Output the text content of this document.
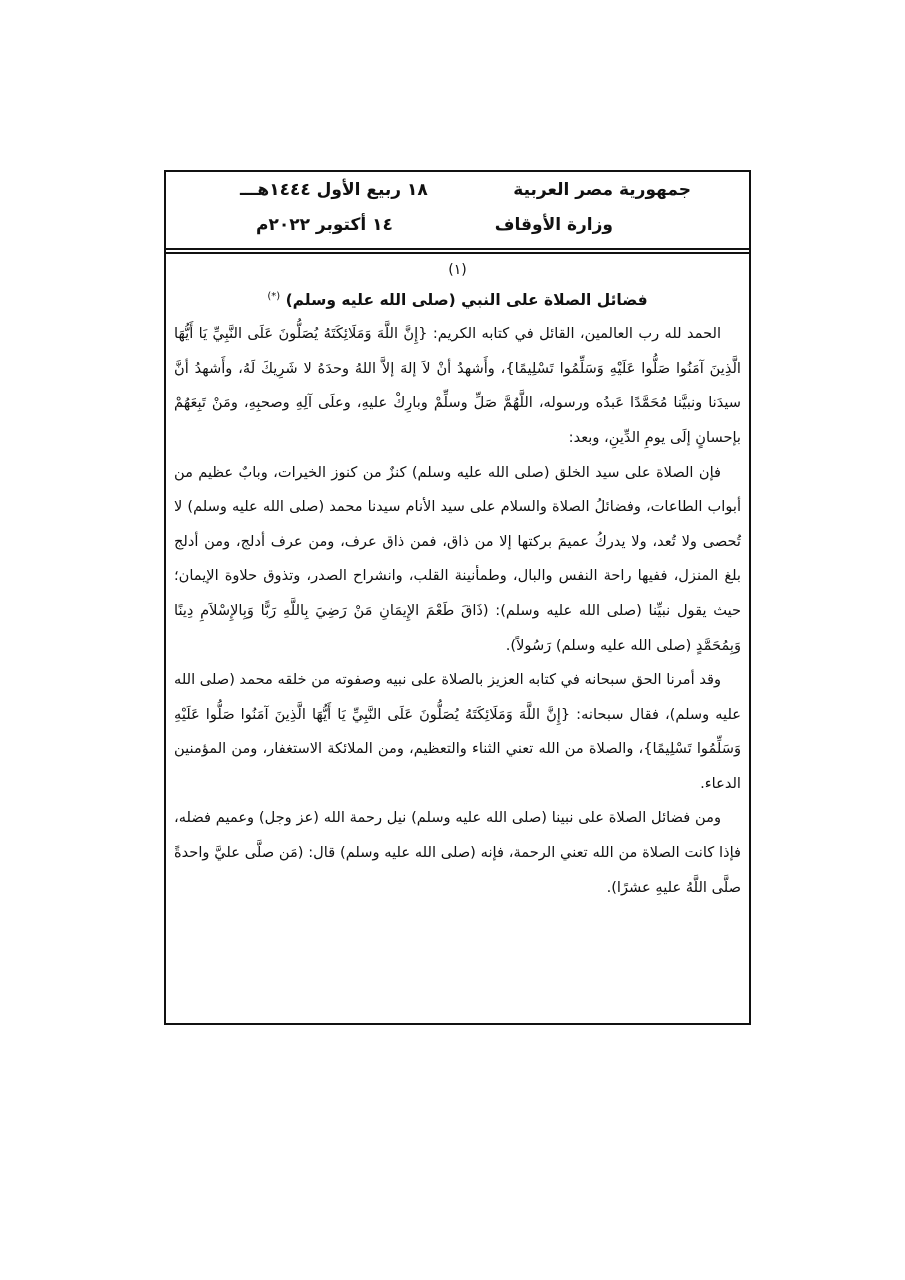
جمهورية مصر العربية
وزارة الأوقاف
١٨ ربيع الأول ١٤٤٤هـــ
١٤ أكتوبر ٢٠٢٢م
(١)
فضائل الصلاة على النبي (صلى الله عليه وسلم) (*)

الحمد لله رب العالمين، القائل في كتابه الكريم: {إِنَّ اللَّهَ وَمَلَائِكَتَهُ يُصَلُّونَ عَلَى النَّبِيِّ يَا أَيُّهَا الَّذِينَ آمَنُوا صَلُّوا عَلَيْهِ وَسَلِّمُوا تَسْلِيمًا}، وأَشهدُ أنْ لاَ إلهَ إلاَّ اللهُ وحدَهُ لا شَرِيكَ لَهُ، وأَشهدُ أنَّ سيدَنا ونبيَّنا مُحَمَّدًا عَبدُه ورسوله، اللَّهُمَّ صَلِّ وسلِّمْ وبارِكْ عليهِ، وعلَى آلِهِ وصحبِهِ، ومَنْ تَبِعَهُمْ بإحسانٍ إلَى يومِ الدِّينِ، وبعد:

فإن الصلاة على سيد الخلق (صلى الله عليه وسلم) كنزٌ من كنوز الخيرات، وبابٌ عظيم من أبواب الطاعات، وفضائلُ الصلاة والسلام على سيد الأنام سيدنا محمد (صلى الله عليه وسلم) لا تُحصى ولا تُعد، ولا يدركُ عميمَ بركتها إلا من ذاق، فمن ذاق عرف، ومن عرف أدلج، ومن أدلج بلغ المنزل، ففيها راحة النفس والبال، وطمأنينة القلب، وانشراح الصدر، وتذوق حلاوة الإيمان؛ حيث يقول نبيِّنا (صلى الله عليه وسلم): (ذَاقَ طَعْمَ الإِيمَانِ مَنْ رَضِيَ بِاللَّهِ رَبًّا وَبِالإِسْلاَمِ دِينًا وَبِمُحَمَّدٍ (صلى الله عليه وسلم) رَسُولاً).

وقد أمرنا الحق سبحانه في كتابه العزيز بالصلاة على نبيه وصفوته من خلقه محمد (صلى الله عليه وسلم)، فقال سبحانه: {إِنَّ اللَّهَ وَمَلَائِكَتَهُ يُصَلُّونَ عَلَى النَّبِيِّ يَا أَيُّهَا الَّذِينَ آمَنُوا صَلُّوا عَلَيْهِ وَسَلِّمُوا تَسْلِيمًا}، والصلاة من الله تعني الثناء والتعظيم، ومن الملائكة الاستغفار، ومن المؤمنين الدعاء.

ومن فضائل الصلاة على نبينا (صلى الله عليه وسلم) نيل رحمة الله (عز وجل) وعميم فضله، فإذا كانت الصلاة من الله تعني الرحمة، فإنه (صلى الله عليه وسلم) قال: (مَن صلَّى عليَّ واحدةً صلَّى اللَّهُ عليهِ عشرًا).
